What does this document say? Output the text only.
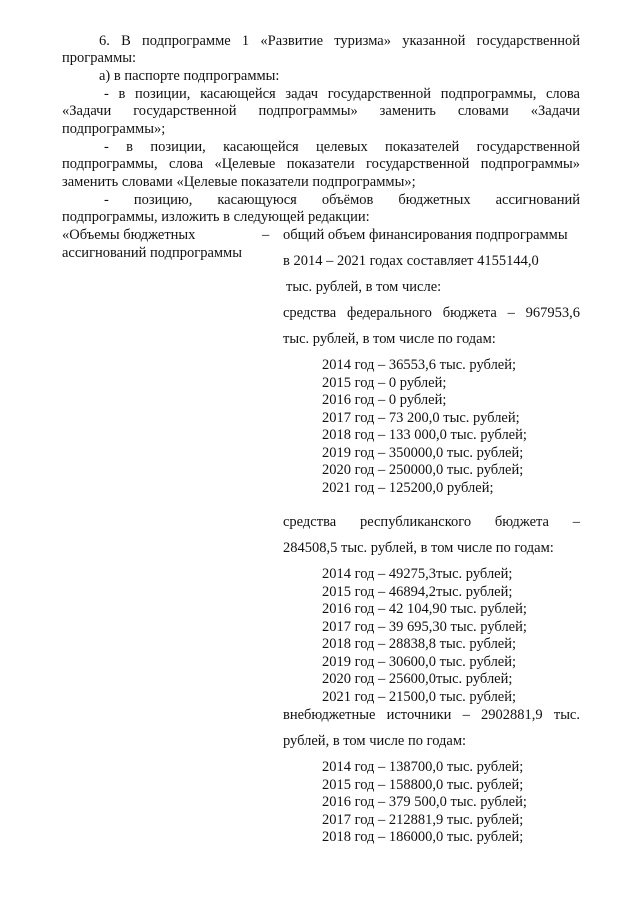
6. В подпрограмме 1 «Развитие туризма» указанной государственной
программы:
а) в паспорте подпрограммы:
- в позиции, касающейся задач государственной подпрограммы, слова
«Задачи государственной подпрограммы» заменить словами «Задачи
подпрограммы»;
- в позиции, касающейся целевых показателей государственной
подпрограммы, слова «Целевые показатели государственной подпрограммы»
заменить словами «Целевые показатели подпрограммы»;
- позицию, касающуюся объёмов бюджетных ассигнований
подпрограммы, изложить в следующей редакции:
«Объемы бюджетных	–
ассигнований подпрограммы
общий объем финансирования подпрограммы
в 2014 – 2021 годах составляет 4155144,0
тыс. рублей, в том числе:
средства федерального бюджета – 967953,6
тыс. рублей, в том числе по годам:
2014 год – 36553,6 тыс. рублей;
2015 год – 0 рублей;
2016 год – 0 рублей;
2017 год – 73 200,0 тыс. рублей;
2018 год – 133 000,0 тыс. рублей;
2019 год – 350000,0 тыс. рублей;
2020 год – 250000,0 тыс. рублей;
2021 год – 125200,0 рублей;
средства республиканского бюджета –
284508,5 тыс. рублей, в том числе по годам:
2014 год – 49275,3тыс. рублей;
2015 год – 46894,2тыс. рублей;
2016 год – 42 104,90 тыс. рублей;
2017 год – 39 695,30 тыс. рублей;
2018 год – 28838,8 тыс. рублей;
2019 год – 30600,0 тыс. рублей;
2020 год – 25600,0тыс. рублей;
2021 год – 21500,0 тыс. рублей;
внебюджетные источники – 2902881,9 тыс.
рублей, в том числе по годам:
2014 год – 138700,0 тыс. рублей;
2015 год – 158800,0 тыс. рублей;
2016 год – 379 500,0 тыс. рублей;
2017 год – 212881,9 тыс. рублей;
2018 год – 186000,0 тыс. рублей;
